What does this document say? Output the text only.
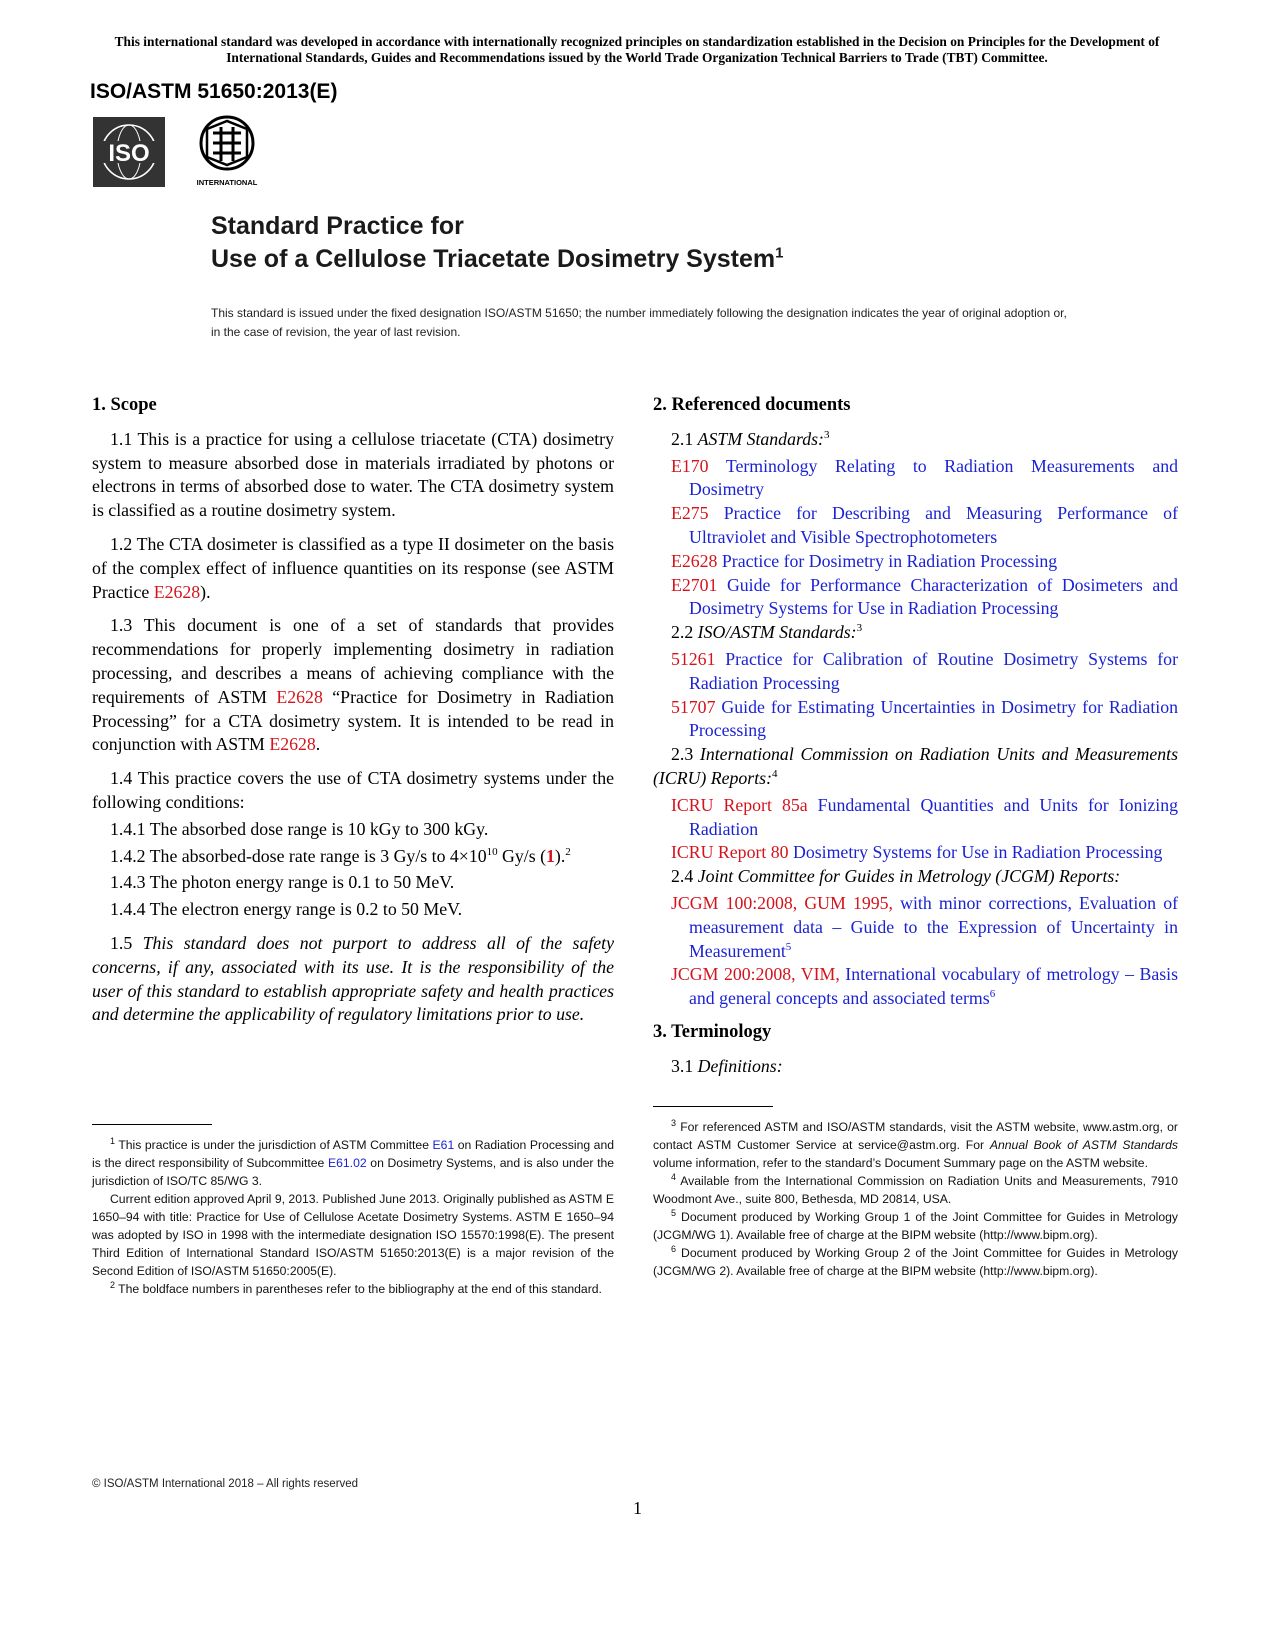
This international standard was developed in accordance with internationally recognized principles on standardization established in the Decision on Principles for the Development of International Standards, Guides and Recommendations issued by the World Trade Organization Technical Barriers to Trade (TBT) Committee.
ISO/ASTM 51650:2013(E)
ISO
INTERNATIONAL
Standard Practice for
Use of a Cellulose Triacetate Dosimetry System$^1$
This standard is issued under the fixed designation ISO/ASTM 51650; the number immediately following the designation indicates the year of original adoption or, in the case of revision, the year of last revision.
1. Scope
1.1 This is a practice for using a cellulose triacetate (CTA) dosimetry system to measure absorbed dose in materials irradiated by photons or electrons in terms of absorbed dose to water. The CTA dosimetry system is classified as a routine dosimetry system.
1.2 The CTA dosimeter is classified as a type II dosimeter on the basis of the complex effect of influence quantities on its response (see ASTM Practice E2628).
1.3 This document is one of a set of standards that provides recommendations for properly implementing dosimetry in radiation processing, and describes a means of achieving compliance with the requirements of ASTM E2628 “Practice for Dosimetry in Radiation Processing” for a CTA dosimetry system. It is intended to be read in conjunction with ASTM E2628.
1.4 This practice covers the use of CTA dosimetry systems under the following conditions:
1.4.1 The absorbed dose range is 10 kGy to 300 kGy.
1.4.2 The absorbed-dose rate range is 3 Gy/s to $4\times 10^{10}$ Gy/s (1).$^2$
1.4.3 The photon energy range is 0.1 to 50 MeV.
1.4.4 The electron energy range is 0.2 to 50 MeV.
1.5 This standard does not purport to address all of the safety concerns, if any, associated with its use. It is the responsibility of the user of this standard to establish appropriate safety and health practices and determine the applicability of regulatory limitations prior to use.
2. Referenced documents
2.1 ASTM Standards:$^3$
E170 Terminology Relating to Radiation Measurements and Dosimetry
E275 Practice for Describing and Measuring Performance of Ultraviolet and Visible Spectrophotometers
E2628 Practice for Dosimetry in Radiation Processing
E2701 Guide for Performance Characterization of Dosimeters and Dosimetry Systems for Use in Radiation Processing
2.2 ISO/ASTM Standards:$^3$
51261 Practice for Calibration of Routine Dosimetry Systems for Radiation Processing
51707 Guide for Estimating Uncertainties in Dosimetry for Radiation Processing
2.3 International Commission on Radiation Units and Measurements (ICRU) Reports:$^4$
ICRU Report 85a Fundamental Quantities and Units for Ionizing Radiation
ICRU Report 80 Dosimetry Systems for Use in Radiation Processing
2.4 Joint Committee for Guides in Metrology (JCGM) Reports:
JCGM 100:2008, GUM 1995, with minor corrections, Evaluation of measurement data – Guide to the Expression of Uncertainty in Measurement$^5$
JCGM 200:2008, VIM, International vocabulary of metrology – Basis and general concepts and associated terms$^6$
3. Terminology
3.1 Definitions:

$^1$ This practice is under the jurisdiction of ASTM Committee E61 on Radiation Processing and is the direct responsibility of Subcommittee E61.02 on Dosimetry Systems, and is also under the jurisdiction of ISO/TC 85/WG 3.

Current edition approved April 9, 2013. Published June 2013. Originally published as ASTM E 1650–94 with title: Practice for Use of Cellulose Acetate Dosimetry Systems. ASTM E 1650–94 was adopted by ISO in 1998 with the intermediate designation ISO 15570:1998(E). The present Third Edition of International Standard ISO/ASTM 51650:2013(E) is a major revision of the Second Edition of ISO/ASTM 51650:2005(E).

$^2$ The boldface numbers in parentheses refer to the bibliography at the end of this standard.

$^3$ For referenced ASTM and ISO/ASTM standards, visit the ASTM website, www.astm.org, or contact ASTM Customer Service at service@astm.org. For Annual Book of ASTM Standards volume information, refer to the standard’s Document Summary page on the ASTM website.

$^4$ Available from the International Commission on Radiation Units and Measurements, 7910 Woodmont Ave., suite 800, Bethesda, MD 20814, USA.

$^5$ Document produced by Working Group 1 of the Joint Committee for Guides in Metrology (JCGM/WG 1). Available free of charge at the BIPM website (http://www.bipm.org).

$^6$ Document produced by Working Group 2 of the Joint Committee for Guides in Metrology (JCGM/WG 2). Available free of charge at the BIPM website (http://www.bipm.org).

© ISO/ASTM International 2018 – All rights reserved
1
